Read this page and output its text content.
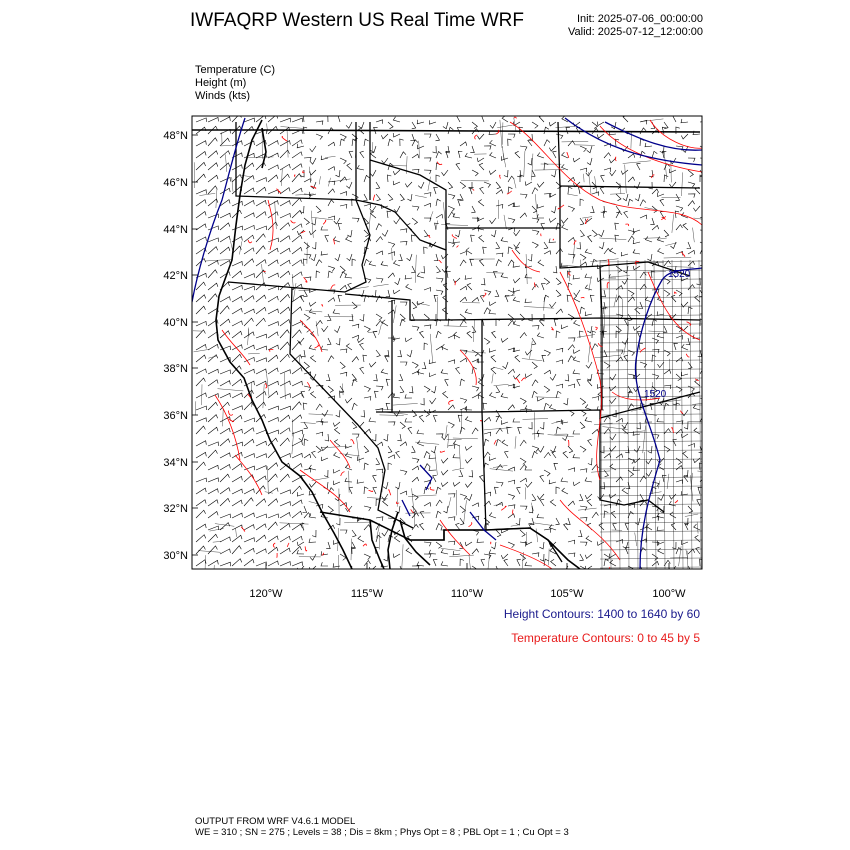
IWFAQRP Western US Real Time WRF	Init: 2025-07-06_00:00:00
Valid: 2025-07-12_12:00:00
Temperature (C)
Height (m)
Winds (kts)
48°N
46°N
44°N
42°N
40°N
38°N
36°N
34°N
32°N
30°N
120°W	115°W	110°W	105°W	100°W
1520
1520
Height Contours: 1400 to 1640 by 60
Temperature Contours: 0 to 45 by 5
OUTPUT FROM WRF V4.6.1 MODEL
WE = 310 ; SN = 275 ; Levels = 38 ; Dis = 8km ; Phys Opt = 8 ; PBL Opt = 1 ; Cu Opt = 3
